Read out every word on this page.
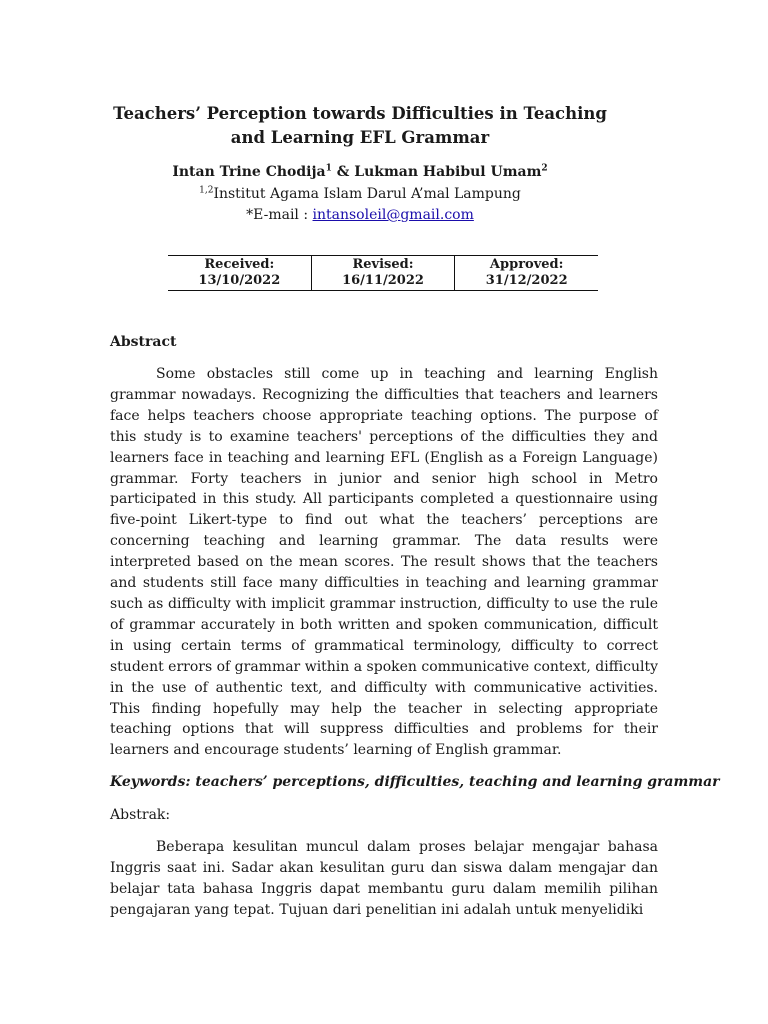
Teachers’ Perception towards Difficulties in Teaching and Learning EFL Grammar
Intan Trine Chodija$^1$ & Lukman Habibul Umam$^2$
$^{1,2}$Institut Agama Islam Darul A’mal Lampung
*E-mail : intansoleil@gmail.com
Received:
13/10/2022
Revised:
16/11/2022
Approved:
31/12/2022
Abstract

Some obstacles still come up in teaching and learning English grammar nowadays. Recognizing the difficulties that teachers and learners face helps teachers choose appropriate teaching options. The purpose of this study is to examine teachers' perceptions of the difficulties they and learners face in teaching and learning EFL (English as a Foreign Language) grammar. Forty teachers in junior and senior high school in Metro participated in this study. All participants completed a questionnaire using five-point Likert-type to find out what the teachers’ perceptions are concerning teaching and learning grammar. The data results were interpreted based on the mean scores. The result shows that the teachers and students still face many difficulties in teaching and learning grammar such as difficulty with implicit grammar instruction, difficulty to use the rule of grammar accurately in both written and spoken communication, difficult in using certain terms of grammatical terminology, difficulty to correct student errors of grammar within a spoken communicative context, difficulty in the use of authentic text, and difficulty with communicative activities. This finding hopefully may help the teacher in selecting appropriate teaching options that will suppress difficulties and problems for their learners and encourage students’ learning of English grammar.

Keywords: teachers’ perceptions, difficulties, teaching and learning grammar
Abstrak:

Beberapa kesulitan muncul dalam proses belajar mengajar bahasa Inggris saat ini. Sadar akan kesulitan guru dan siswa dalam mengajar dan belajar tata bahasa Inggris dapat membantu guru dalam memilih pilihan pengajaran yang tepat. Tujuan dari penelitian ini adalah untuk menyelidiki
